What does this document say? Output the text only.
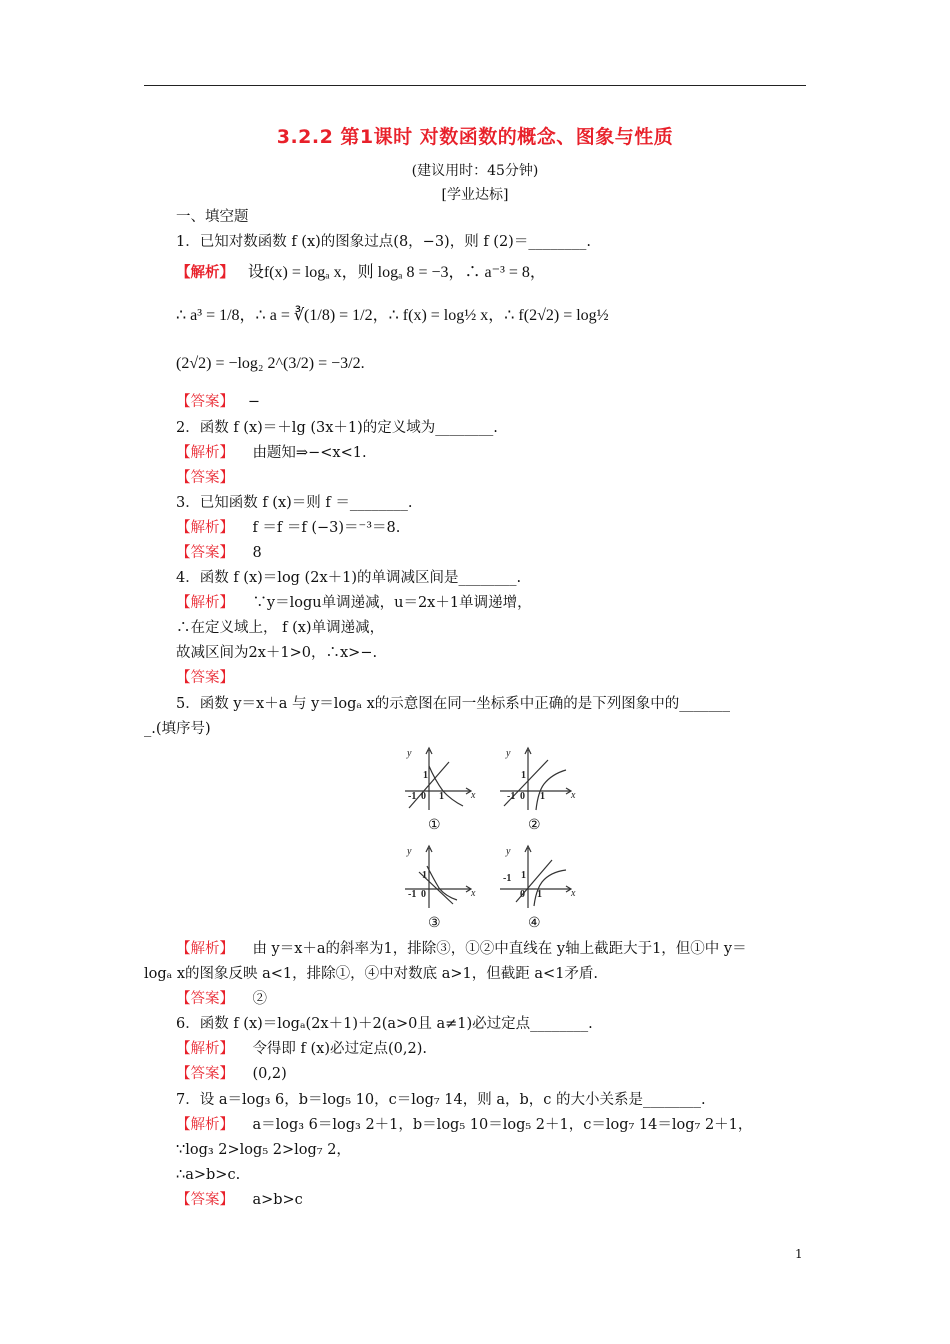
3.2.2 第1课时 对数函数的概念、图象与性质
(建议用时：45分钟)
[学业达标]
一、填空题
1．已知对数函数 f (x)的图象过点(8，−3)，则 f (2)＝________.
【解析】 设f(x) = logₐ x，则 logₐ 8 = −3，∴ a⁻³ = 8，
∴ a³ = 1/8，∴ a = ∛(1/8) = 1/2，∴ f(x) = log½ x，∴ f(2√2) = log½
(2√2) = −log₂ 2^(3/2) = −3/2.
【答案】 −
2．函数 f (x)＝＋lg (3x＋1)的定义域为________.
【解析】 由题知⇒−<x<1.
【答案】
3．已知函数 f (x)＝则 f ＝________.
【解析】 f ＝f ＝f (−3)＝⁻³＝8.
【答案】 8
4．函数 f (x)＝log (2x＋1)的单调减区间是________.
【解析】 ∵y＝logu单调递减，u＝2x＋1单调递增，
∴在定义域上， f (x)单调递减，
故减区间为2x＋1>0，∴x>−.
【答案】
5．函数 y＝x＋a 与 y＝logₐ x的示意图在同一坐标系中正确的是下列图象中的_______
_.(填序号)
y
x
y
x
y
x
y
x
1
-1 0 1
1
-1 0 1
1
-1 0
-1 1
0 1
①	②
③	④
【解析】 由 y＝x＋a的斜率为1，排除③，①②中直线在 y轴上截距大于1，但①中 y＝
logₐ x的图象反映 a<1，排除①，④中对数底 a>1，但截距 a<1矛盾.
【答案】 ②
6．函数 f (x)＝logₐ(2x＋1)＋2(a>0且 a≠1)必过定点________.
【解析】 令得即 f (x)必过定点(0,2).
【答案】 (0,2)
7．设 a＝log₃ 6，b＝log₅ 10，c＝log₇ 14，则 a，b，c 的大小关系是________.
【解析】 a＝log₃ 6＝log₃ 2＋1，b＝log₅ 10＝log₅ 2＋1，c＝log₇ 14＝log₇ 2＋1，
∵log₃ 2>log₅ 2>log₇ 2，
∴a>b>c.
【答案】 a>b>c
1
